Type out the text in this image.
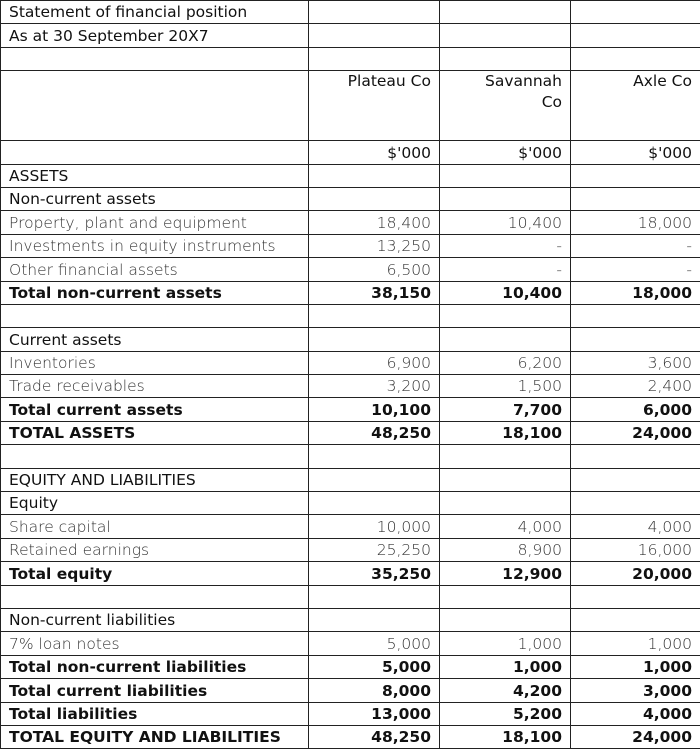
Statement of financial position			
As at 30 September 20X7			

	Plateau Co	Savannah Co	Axle Co
	$'000	$'000	$'000
ASSETS			
Non-current assets			
Property, plant and equipment	18,400	10,400	18,000
Investments in equity instruments	13,250	-	-
Other financial assets	6,500	-	-
Total non-current assets	38,150	10,400	18,000

Current assets			
Inventories	6,900	6,200	3,600
Trade receivables	3,200	1,500	2,400
Total current assets	10,100	7,700	6,000
TOTAL ASSETS	48,250	18,100	24,000

EQUITY AND LIABILITIES			
Equity			
Share capital	10,000	4,000	4,000
Retained earnings	25,250	8,900	16,000
Total equity	35,250	12,900	20,000

Non-current liabilities			
7% loan notes	5,000	1,000	1,000
Total non-current liabilities	5,000	1,000	1,000
Total current liabilities	8,000	4,200	3,000
Total liabilities	13,000	5,200	4,000
TOTAL EQUITY AND LIABILITIES	48,250	18,100	24,000
